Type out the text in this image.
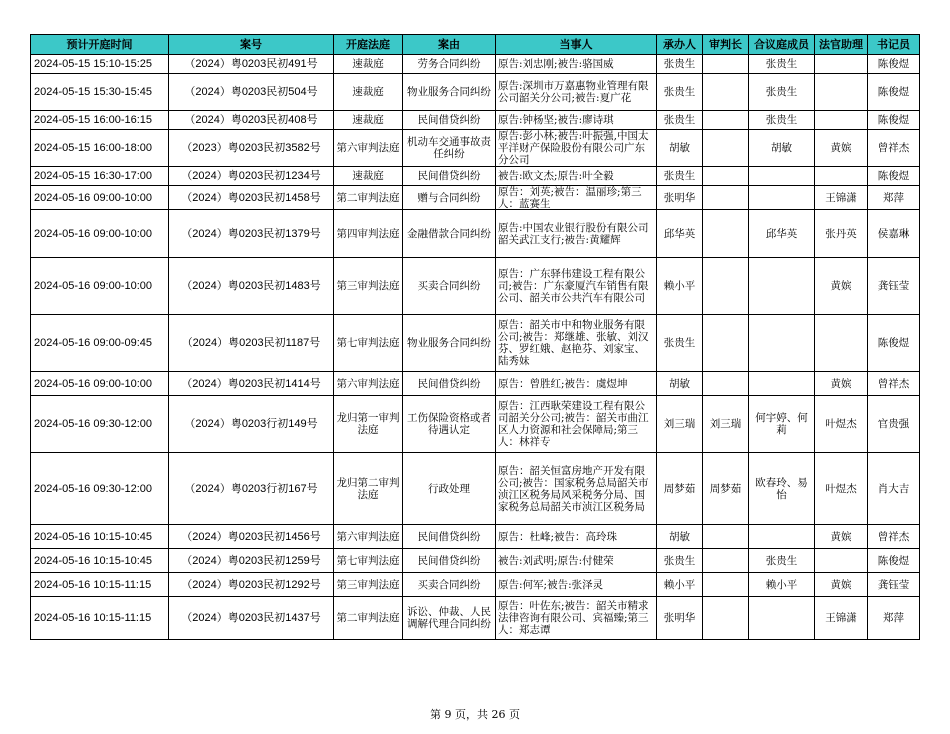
预计开庭时间	案号	开庭法庭	案由	当事人	承办人	审判长	合议庭成员	法官助理	书记员
2024-05-15 15:10-15:25	（2024）粤0203民初491号	速裁庭	劳务合同纠纷	原告:刘忠刚;被告:骆国威	张贵生		张贵生		陈俊煜
2024-05-15 15:30-15:45	（2024）粤0203民初504号	速裁庭	物业服务合同纠纷	原告:深圳市万嘉惠物业管理有限公司韶关分公司;被告:夏广花	张贵生		张贵生		陈俊煜
2024-05-15 16:00-16:15	（2024）粤0203民初408号	速裁庭	民间借贷纠纷	原告:钟杨坚;被告:廖诗琪	张贵生		张贵生		陈俊煜
2024-05-15 16:00-18:00	（2023）粤0203民初3582号	第六审判法庭	机动车交通事故责任纠纷	原告:彭小林;被告:叶振强,中国太平洋财产保险股份有限公司广东分公司	胡敏		胡敏	黄嫔	曾祥杰
2024-05-15 16:30-17:00	（2024）粤0203民初1234号	速裁庭	民间借贷纠纷	被告:欧文杰;原告:叶全毅	张贵生				陈俊煜
2024-05-16 09:00-10:00	（2024）粤0203民初1458号	第二审判法庭	赠与合同纠纷	原告：刘英;被告：温丽珍;第三人：蓝赛生	张明华			王锦潇	郑萍
2024-05-16 09:00-10:00	（2024）粤0203民初1379号	第四审判法庭	金融借款合同纠纷	原告:中国农业银行股份有限公司韶关武江支行;被告:黄耀辉	邱华英		邱华英	张丹英	侯嘉琳
2024-05-16 09:00-10:00	（2024）粤0203民初1483号	第三审判法庭	买卖合同纠纷	原告：广东驿伟建设工程有限公司;被告：广东豪厦汽车销售有限公司、韶关市公共汽车有限公司	赖小平			黄嫔	龚钰莹
2024-05-16 09:00-09:45	（2024）粤0203民初1187号	第七审判法庭	物业服务合同纠纷	原告：韶关市中和物业服务有限公司;被告：郑继雄、张敏、刘汉芬、罗红娥、赵艳芬、刘家宝、陆秀妹	张贵生				陈俊煜
2024-05-16 09:00-10:00	（2024）粤0203民初1414号	第六审判法庭	民间借贷纠纷	原告：曾胜红;被告：虞煜坤	胡敏			黄嫔	曾祥杰
2024-05-16 09:30-12:00	（2024）粤0203行初149号	龙归第一审判法庭	工伤保险资格或者待遇认定	原告：江西耿荣建设工程有限公司韶关分公司;被告：韶关市曲江区人力资源和社会保障局;第三人：林祥专	刘三瑞	刘三瑞	何宇婷、何莉	叶煜杰	官贵强
2024-05-16 09:30-12:00	（2024）粤0203行初167号	龙归第二审判法庭	行政处理	原告：韶关恒富房地产开发有限公司;被告：国家税务总局韶关市浈江区税务局风采税务分局、国家税务总局韶关市浈江区税务局	周梦茹	周梦茹	欧春玲、易怡	叶煜杰	肖大吉
2024-05-16 10:15-10:45	（2024）粤0203民初1456号	第六审判法庭	民间借贷纠纷	原告：杜峰;被告：高玲珠	胡敏			黄嫔	曾祥杰
2024-05-16 10:15-10:45	（2024）粤0203民初1259号	第七审判法庭	民间借贷纠纷	被告:刘武明;原告:付健荣	张贵生		张贵生		陈俊煜
2024-05-16 10:15-11:15	（2024）粤0203民初1292号	第三审判法庭	买卖合同纠纷	原告:何军;被告:张泽灵	赖小平		赖小平	黄嫔	龚钰莹
2024-05-16 10:15-11:15	（2024）粤0203民初1437号	第二审判法庭	诉讼、仲裁、人民调解代理合同纠纷	原告：叶佐东;被告：韶关市精求法律咨询有限公司、宾福臻;第三人：郑志谭	张明华			王锦潇	郑萍
第 9 页，共 26 页
